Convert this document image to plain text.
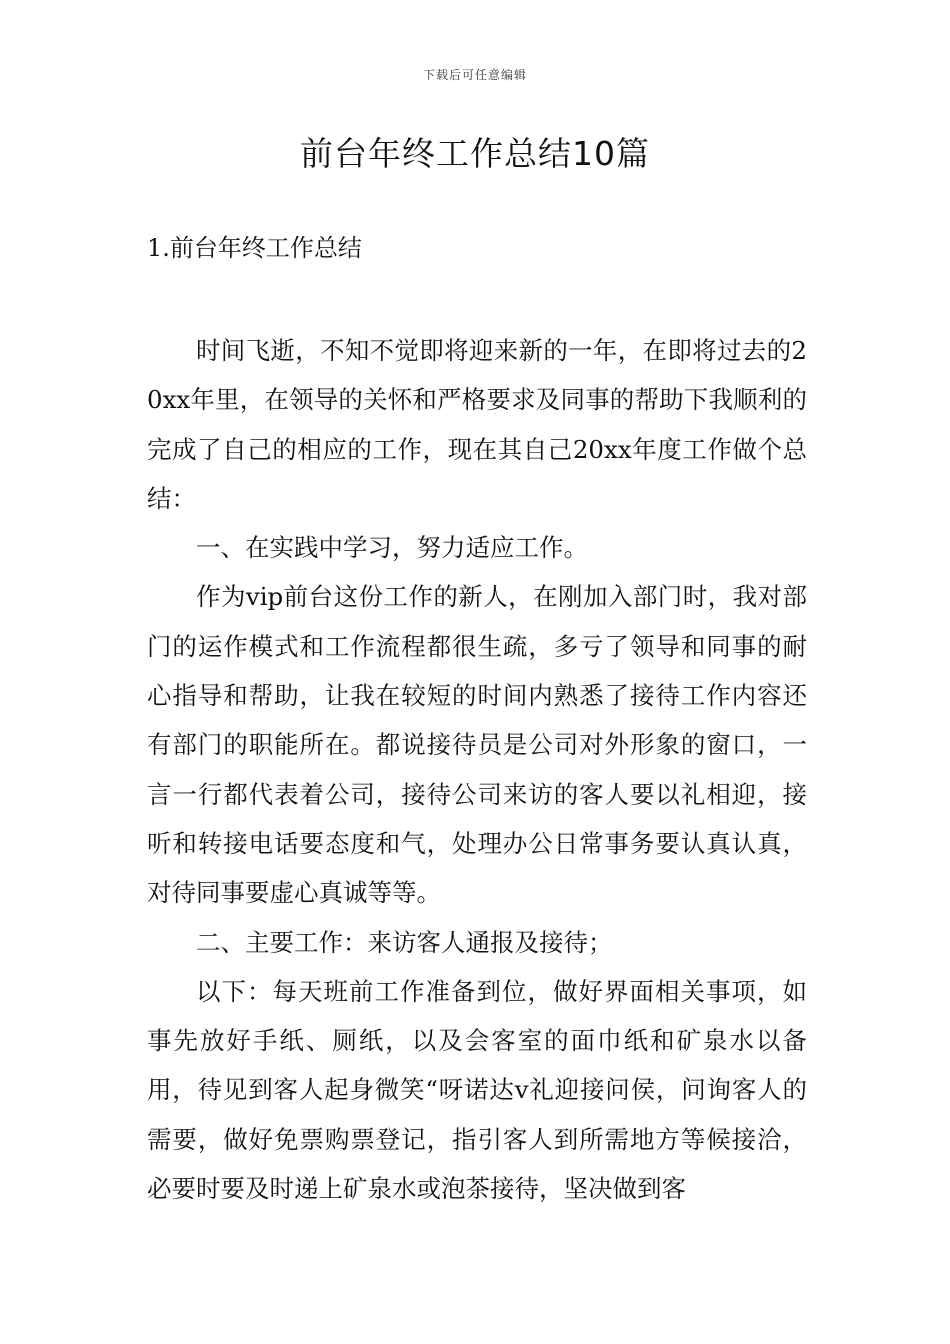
下载后可任意编辑
前台年终工作总结10篇
1.前台年终工作总结

时间飞逝，不知不觉即将迎来新的一年，在即将过去的20xx年里，在领导的关怀和严格要求及同事的帮助下我顺利的完成了自己的相应的工作，现在其自己20xx年度工作做个总结：

一、在实践中学习，努力适应工作。

作为vip前台这份工作的新人，在刚加入部门时，我对部门的运作模式和工作流程都很生疏，多亏了领导和同事的耐心指导和帮助，让我在较短的时间内熟悉了接待工作内容还有部门的职能所在。都说接待员是公司对外形象的窗口，一言一行都代表着公司，接待公司来访的客人要以礼相迎，接听和转接电话要态度和气，处理办公日常事务要认真认真，对待同事要虚心真诚等等。

二、主要工作：来访客人通报及接待；

以下：每天班前工作准备到位，做好界面相关事项，如事先放好手纸、厕纸，以及会客室的面巾纸和矿泉水以备用，待见到客人起身微笑“呀诺达v礼迎接问侯，问询客人的需要，做好免票购票登记，指引客人到所需地方等候接洽，必要时要及时递上矿泉水或泡茶接待，坚决做到客
